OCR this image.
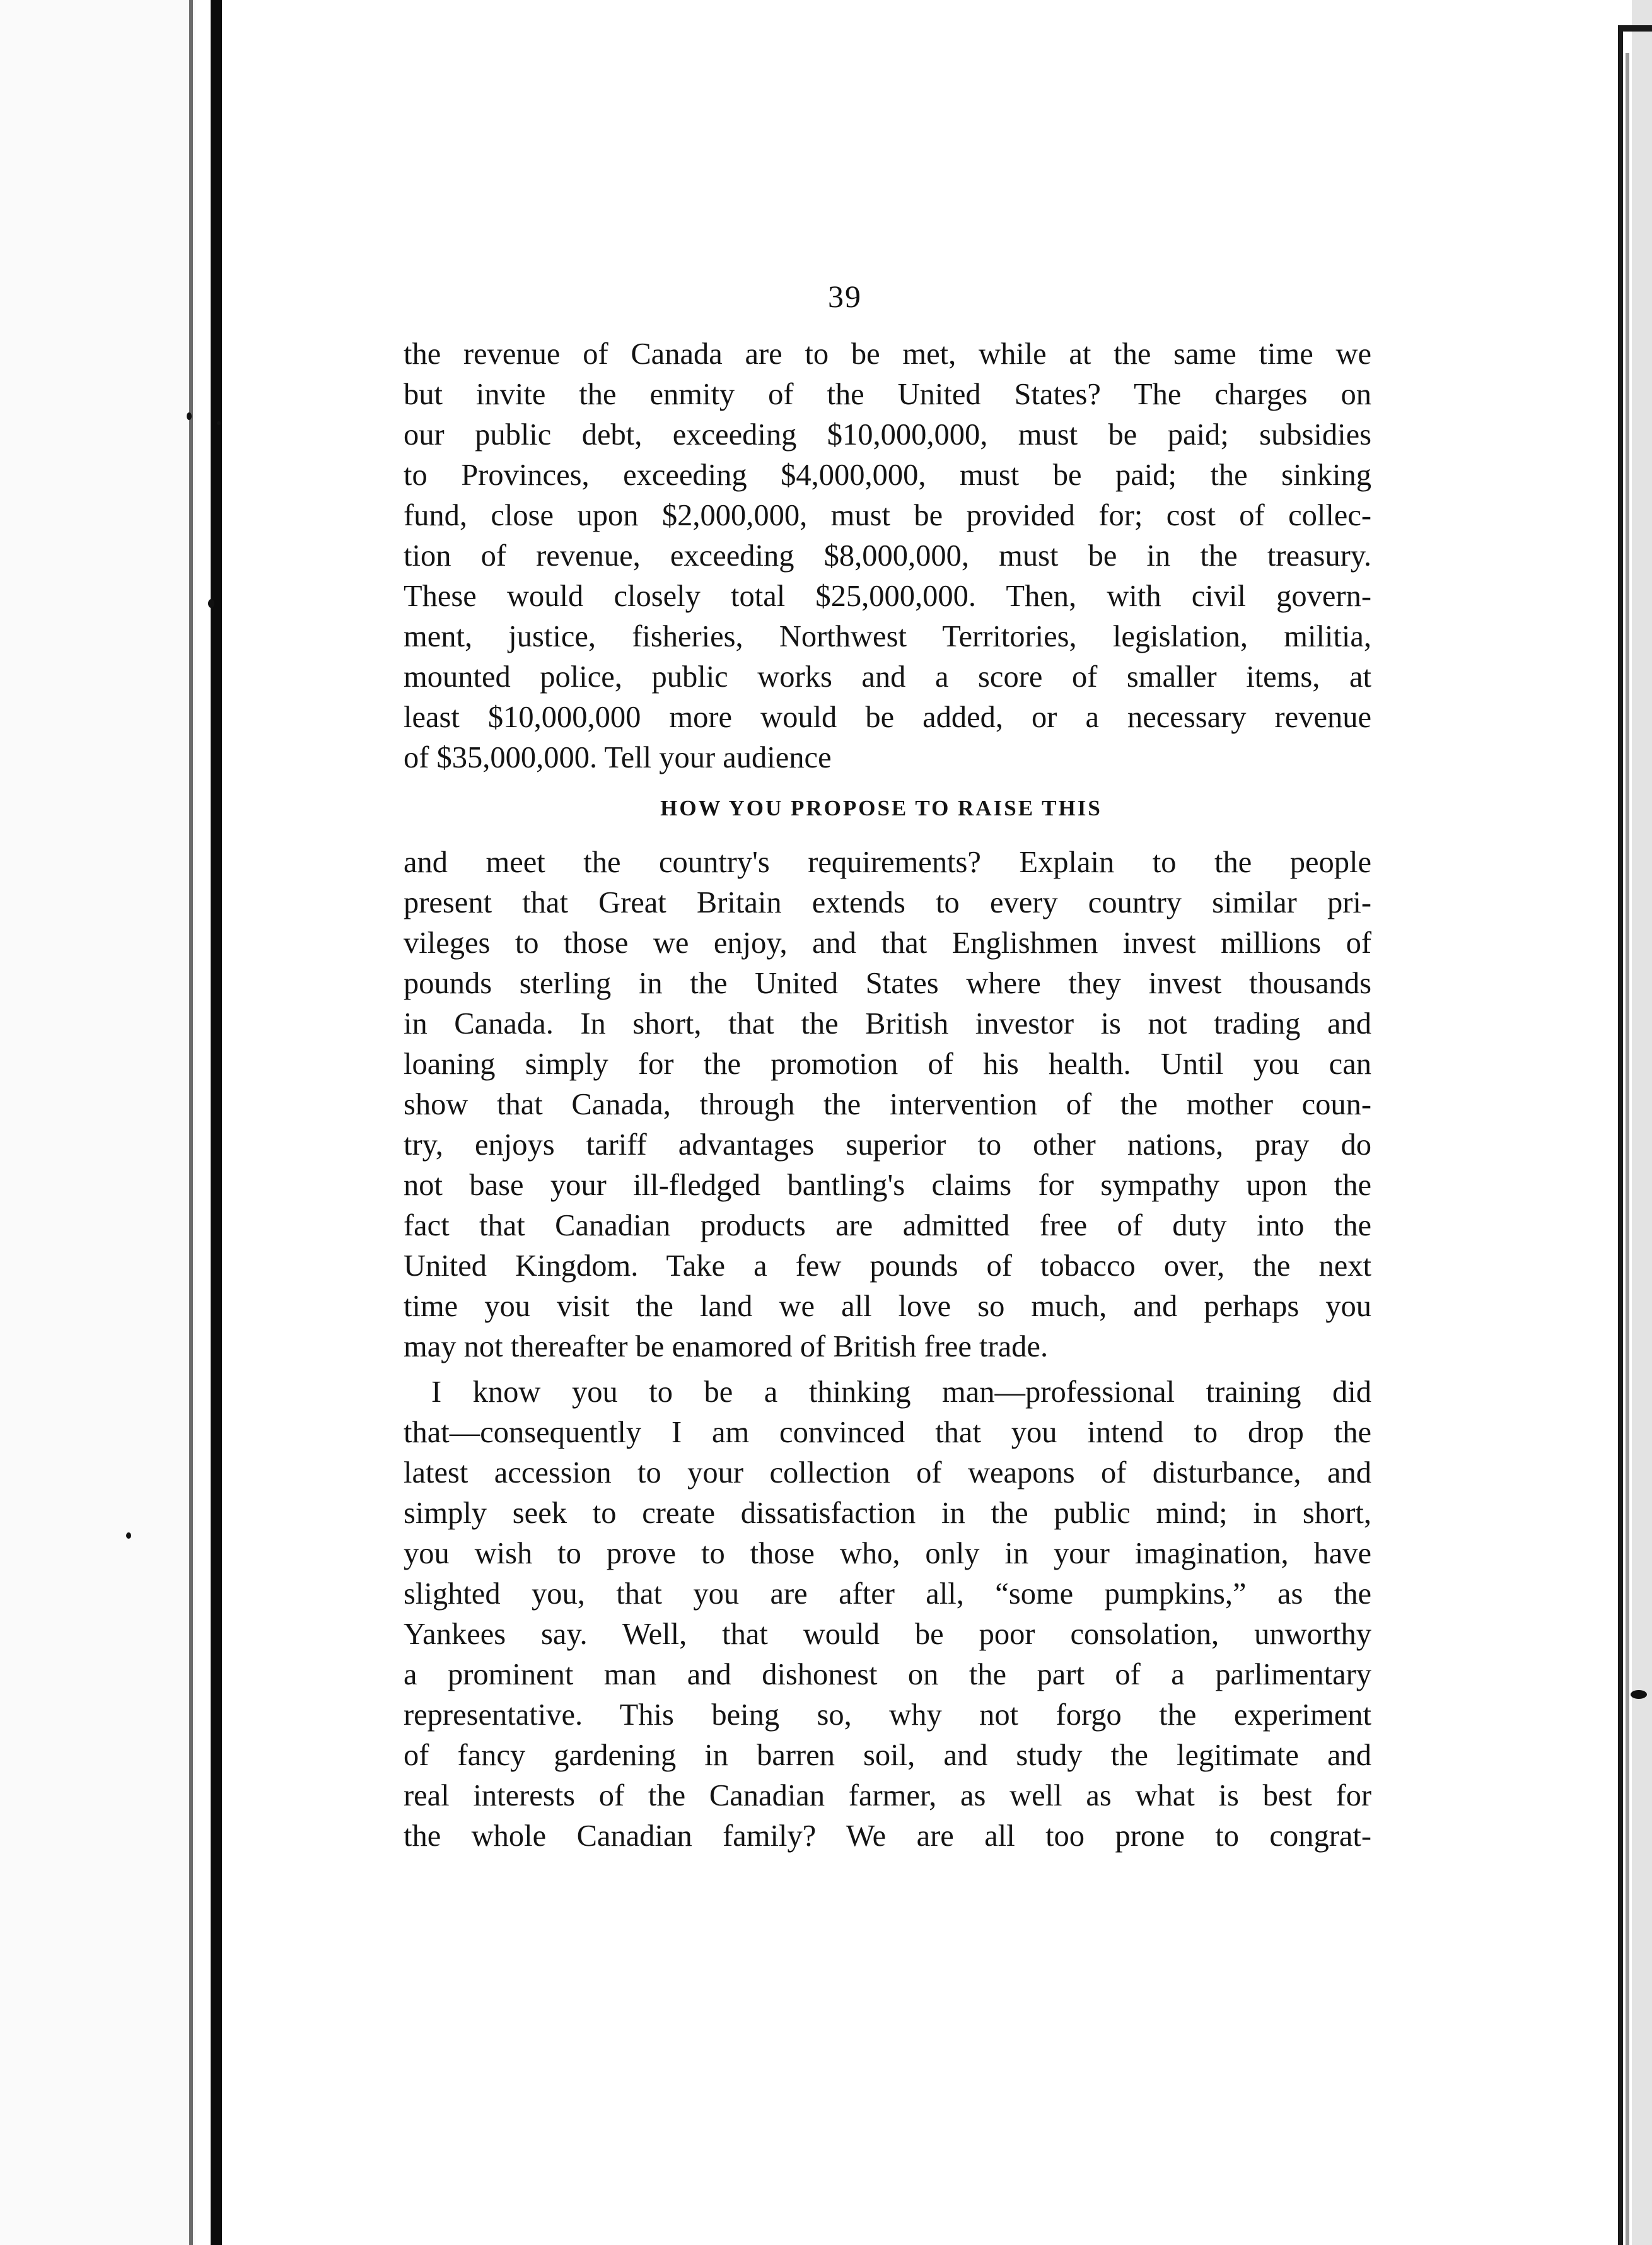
39
the revenue of Canada are to be met, while at the same time we
but invite the enmity of the United States? The charges on
our public debt, exceeding $10,000,000, must be paid; subsidies
to Provinces, exceeding $4,000,000, must be paid; the sinking
fund, close upon $2,000,000, must be provided for; cost of collec-
tion of revenue, exceeding $8,000,000, must be in the treasury.
These would closely total $25,000,000. Then, with civil govern-
ment, justice, fisheries, Northwest Territories, legislation, militia,
mounted police, public works and a score of smaller items, at
least $10,000,000 more would be added, or a necessary revenue
of $35,000,000. Tell your audience
HOW YOU PROPOSE TO RAISE THIS
and meet the country's requirements? Explain to the people
present that Great Britain extends to every country similar pri-
vileges to those we enjoy, and that Englishmen invest millions of
pounds sterling in the United States where they invest thousands
in Canada. In short, that the British investor is not trading and
loaning simply for the promotion of his health. Until you can
show that Canada, through the intervention of the mother coun-
try, enjoys tariff advantages superior to other nations, pray do
not base your ill-fledged bantling's claims for sympathy upon the
fact that Canadian products are admitted free of duty into the
United Kingdom. Take a few pounds of tobacco over, the next
time you visit the land we all love so much, and perhaps you
may not thereafter be enamored of British free trade.
I know you to be a thinking man—professional training did
that—consequently I am convinced that you intend to drop the
latest accession to your collection of weapons of disturbance, and
simply seek to create dissatisfaction in the public mind; in short,
you wish to prove to those who, only in your imagination, have
slighted you, that you are after all, “some pumpkins,” as the
Yankees say. Well, that would be poor consolation, unworthy
a prominent man and dishonest on the part of a parlimentary
representative. This being so, why not forgo the experiment
of fancy gardening in barren soil, and study the legitimate and
real interests of the Canadian farmer, as well as what is best for
the whole Canadian family? We are all too prone to congrat-
